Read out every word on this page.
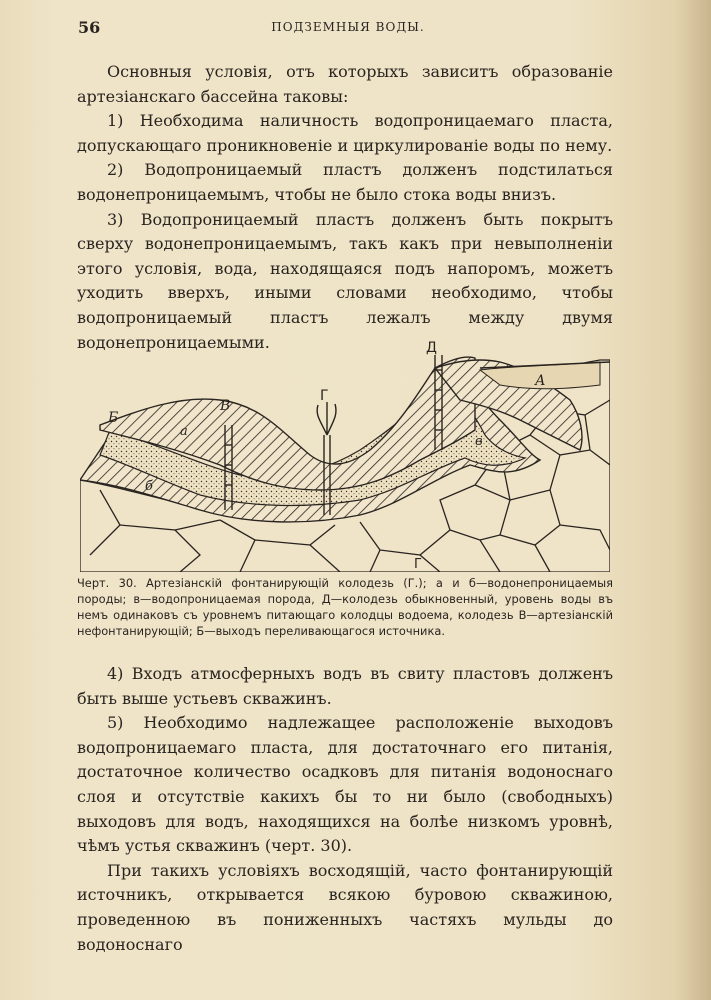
56	ПОДЗЕМНЫЯ ВОДЫ.

Основныя условія, отъ которыхъ зависитъ образованіе артезіанскаго бассейна таковы:

1) Необходима наличность водопроницаемаго пласта, допускающаго проникновеніе и циркулированіе воды по нему.

2) Водопроницаемый пластъ долженъ подстилаться водонепроницаемымъ, чтобы не было стока воды внизъ.

3) Водопроницаемый пластъ долженъ быть покрытъ сверху водонепроницаемымъ, такъ какъ при невыполненіи этого условія, вода, находящаяся подъ напоромъ, можетъ уходить вверхъ, иными словами необходимо, чтобы водопроницаемый пластъ лежалъ между двумя водонепроницаемыми.	Д
Г
В
Б
а
б
в
А
Г
Черт. 30. Артезіанскій фонтанирующій колодезь (Г.); а и б—водонепроницаемыя породы; в—водопроницаемая порода, Д—колодезь обыкновенный, уровень воды въ немъ одинаковъ съ уровнемъ питающаго колодцы водоема, колодезь В—артезіанскій нефонтанирующій; Б—выходъ переливающагося источника.

4) Входъ атмосферныхъ водъ въ свиту пластовъ долженъ быть выше устьевъ скважинъ.

5) Необходимо надлежащее расположеніе выходовъ водопроницаемаго пласта, для достаточнаго его питанія, достаточное количество осадковъ для питанія водоноснаго слоя и отсутствіе какихъ бы то ни было (свободныхъ) выходовъ для водъ, находящихся на болѣе низкомъ уровнѣ, чѣмъ устья скважинъ (черт. 30).

При такихъ условіяхъ восходящій, часто фонтанирующій источникъ, открывается всякою буровою скважиною, проведенною въ пониженныхъ частяхъ мульды до водоноснаго
